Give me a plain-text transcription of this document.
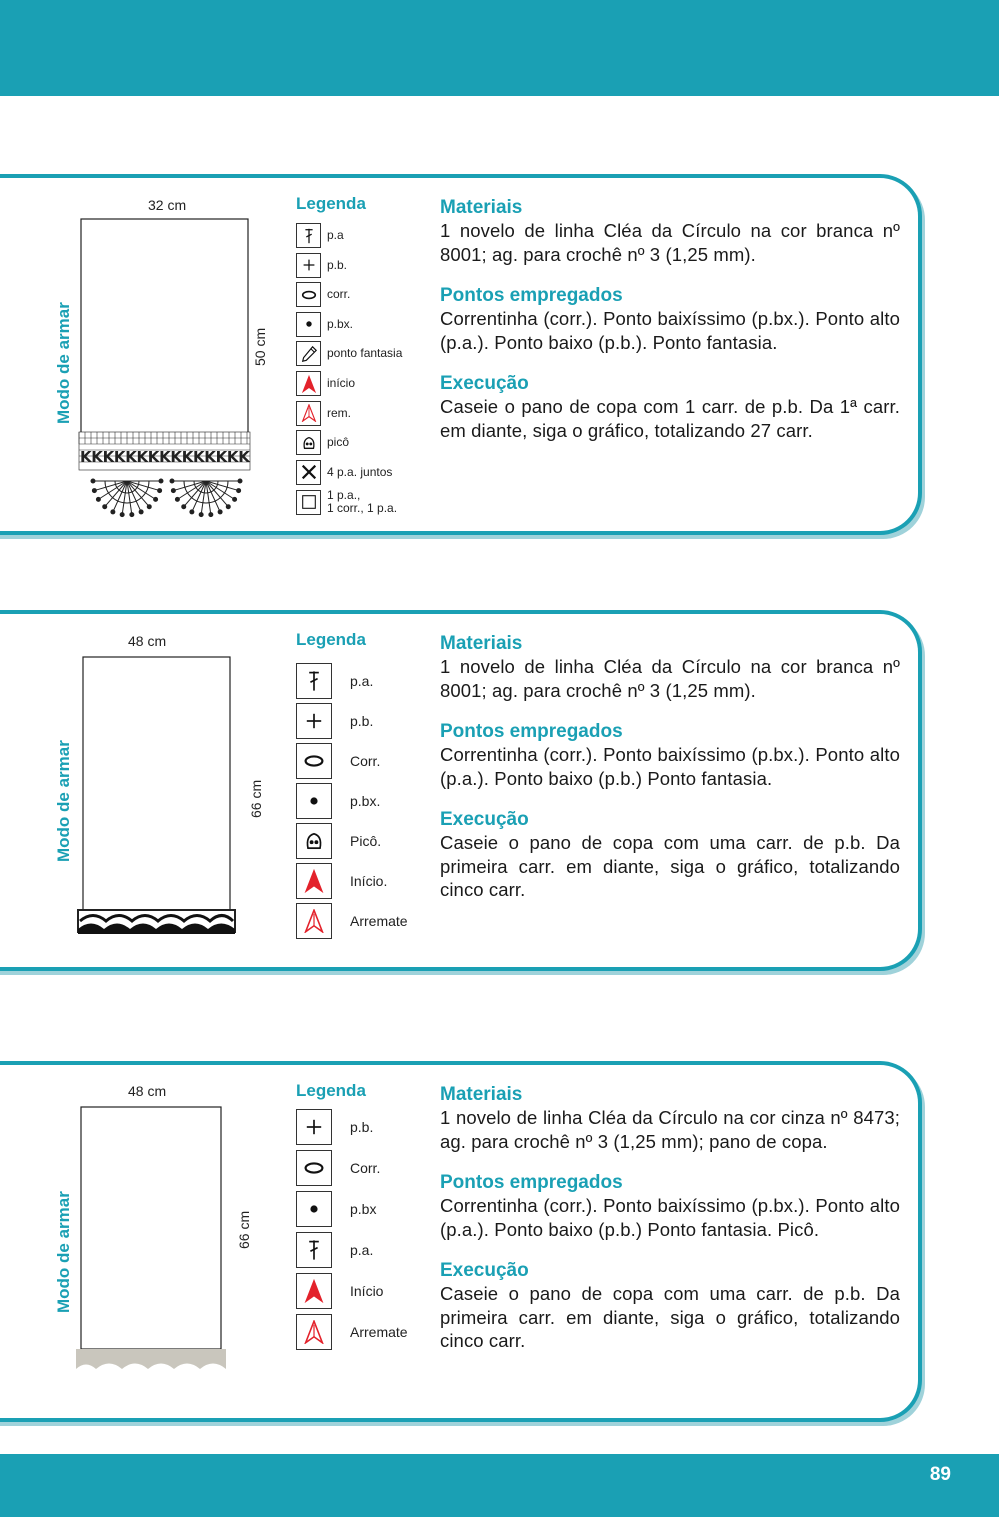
32 cm
50 cm
Modo de armar
K K K K K K K K K K K K K K K
Legenda
p.a
p.b.
corr.
p.bx.
ponto fantasia
início
rem.
picô
4 p.a. juntos
1 p.a.,
1 corr., 1 p.a.

Materiais

1 novelo de linha Cléa da Círculo na cor branca nº 8001; ag. para crochê nº 3 (1,25 mm).

Pontos empregados

Correntinha (corr.). Ponto baixíssimo (p.bx.). Ponto alto (p.a.). Ponto baixo (p.b.). Ponto fantasia.

Execução

Caseie o pano de copa com 1 carr. de p.b. Da 1ª carr. em diante, siga o gráfico, totalizando 27 carr.

48 cm
66 cm
Modo de armar
Legenda
p.a.
p.b.
Corr.
p.bx.
Picô.
Início.
Arremate

Materiais

1 novelo de linha Cléa da Círculo na cor branca nº 8001; ag. para crochê nº 3 (1,25 mm).

Pontos empregados

Correntinha (corr.). Ponto baixíssimo (p.bx.). Ponto alto (p.a.). Ponto baixo (p.b.) Ponto fantasia.

Execução

Caseie o pano de copa com uma carr. de p.b. Da primeira carr. em diante, siga o gráfico, totalizando cinco carr.

48 cm
66 cm
Modo de armar
Legenda
p.b.
Corr.
p.bx
p.a.
Início
Arremate

Materiais

1 novelo de linha Cléa da Círculo na cor cinza nº 8473; ag. para crochê nº 3 (1,25 mm); pano de copa.

Pontos empregados

Correntinha (corr.). Ponto baixíssimo (p.bx.). Ponto alto (p.a.). Ponto baixo (p.b.) Ponto fantasia. Picô.

Execução

Caseie o pano de copa com uma carr. de p.b. Da primeira carr. em diante, siga o gráfico, totalizando cinco carr.

89
